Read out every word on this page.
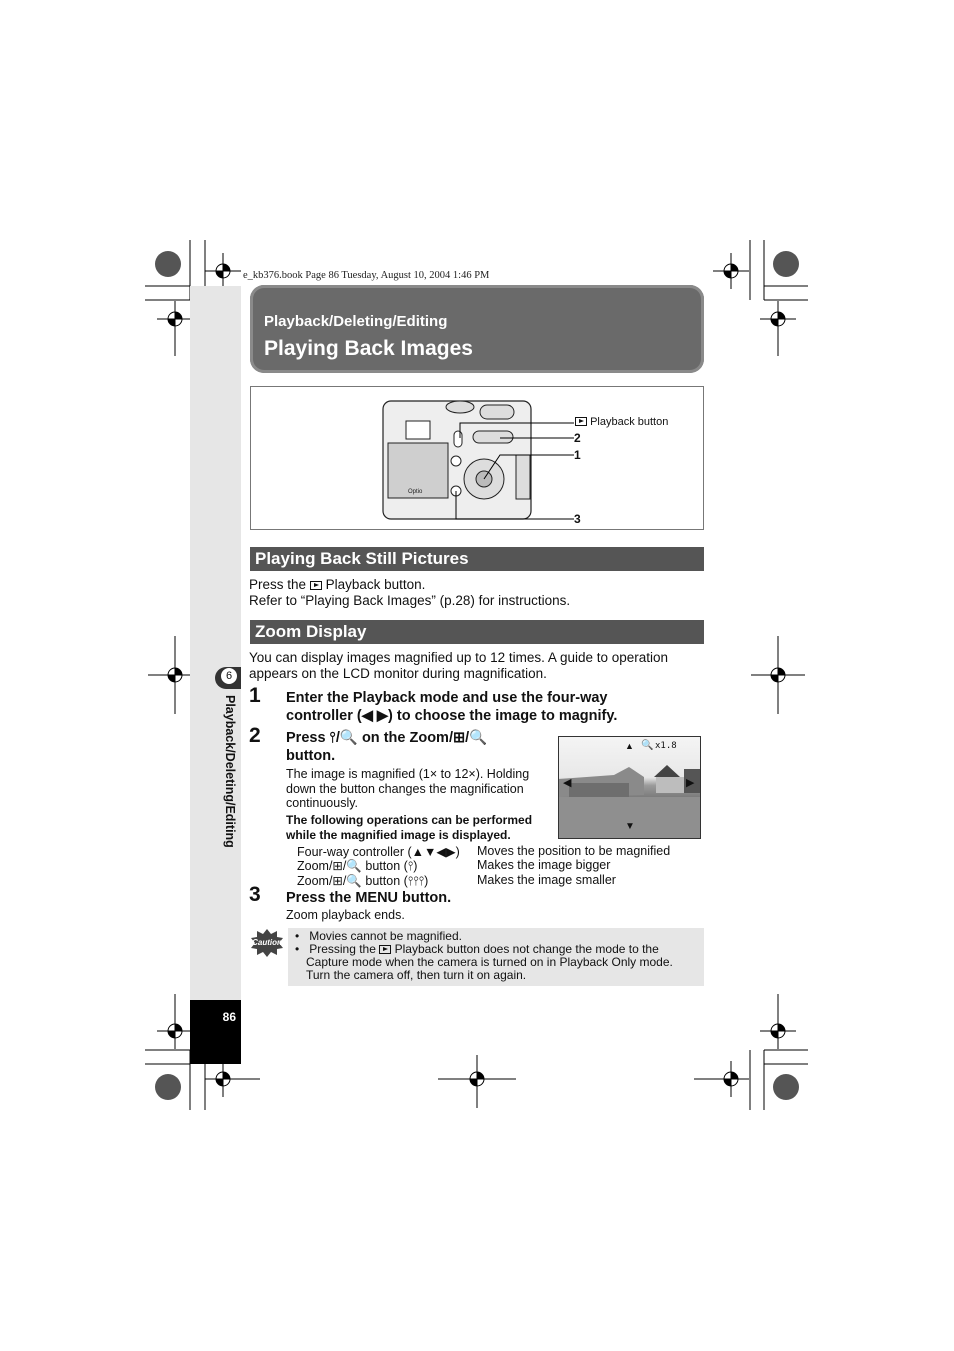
e_kb376.book Page 86 Tuesday, August 10, 2004 1:46 PM
6
Playback/Deleting/Editing
86
Playback/Deleting/Editing
Playing Back Images
Optio
Playback button
2
1
3
Playing Back Still Pictures
Press the Playback button.
Refer to “Playing Back Images” (p.28) for instructions.
Zoom Display
You can display images magnified up to 12 times. A guide to operation
appears on the LCD monitor during magnification.
1 Enter the Playback mode and use the four-way
controller (◀ ▶) to choose the image to magnify.
2 Press ⫯/🔍 on the Zoom/⊞/🔍
button.
The image is magnified (1× to 12×). Holding
down the button changes the magnification
continuously.
The following operations can be performed
while the magnified image is displayed.
▲ 🔍 x1.8
◀	▶
▼
Four-way controller (▲▼◀▶) Moves the position to be magnified
Zoom/⊞/🔍 button (⫯)	Makes the image bigger
Zoom/⊞/🔍 button (⫯⫯⫯)	Makes the image smaller
3 Press the MENU button.
Zoom playback ends.
Caution •   Movies cannot be magnified.
•   Pressing the Playback button does not change the mode to the
Capture mode when the camera is turned on in Playback Only mode.
Turn the camera off, then turn it on again.
